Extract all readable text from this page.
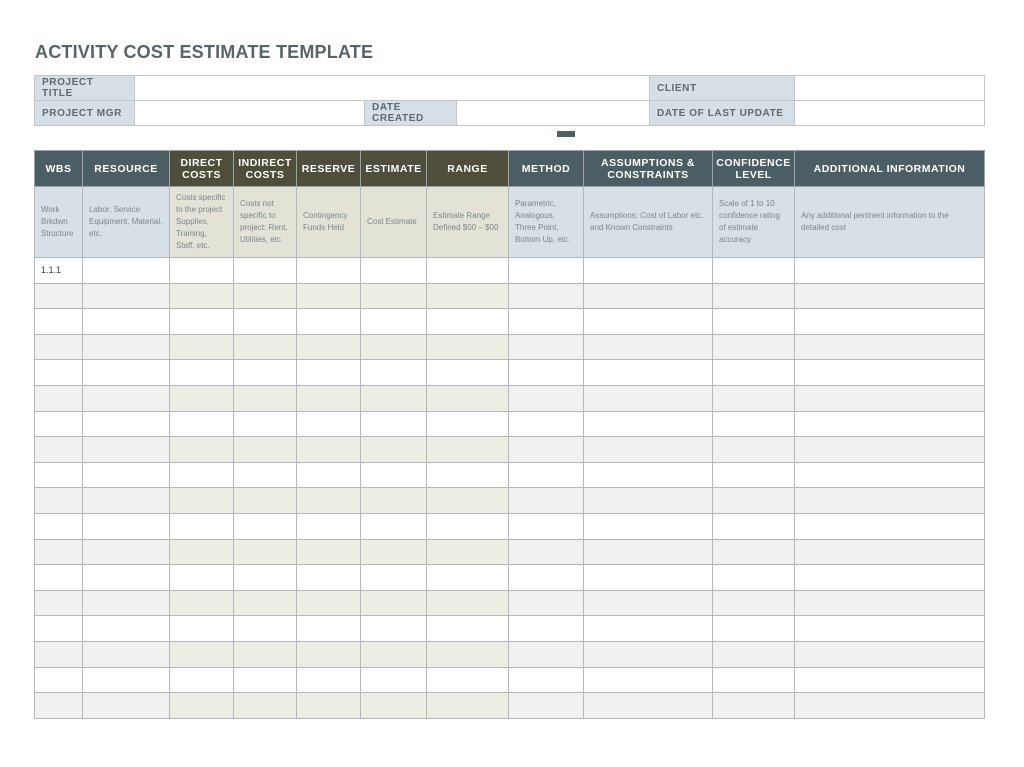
ACTIVITY COST ESTIMATE TEMPLATE
PROJECT TITLE				CLIENT	
PROJECT MGR		DATE CREATED		DATE OF LAST UPDATE	
WBS	RESOURCE	DIRECT COSTS	INDIRECT COSTS	RESERVE	ESTIMATE	RANGE	METHOD	ASSUMPTIONS & CONSTRAINTS	CONFIDENCE LEVEL	ADDITIONAL INFORMATION
Work Brkdwn Structure	Labor, Service Equipment, Material, etc.	Costs specific to the project Supplies, Training, Staff, etc.	Costs not specific to project: Rent, Utilities, etc.	Contingency Funds Held	Cost Estimate	Estimate Range Defined $00 – $00	Parametric, Analogous, Three Point, Bottom Up, etc.	Assumptions: Cost of Labor etc. and Known Constraints	Scale of 1 to 10 confidence rating of estimate accuracy	Any additional pertinent information to the detailed cost
1.1.1										
